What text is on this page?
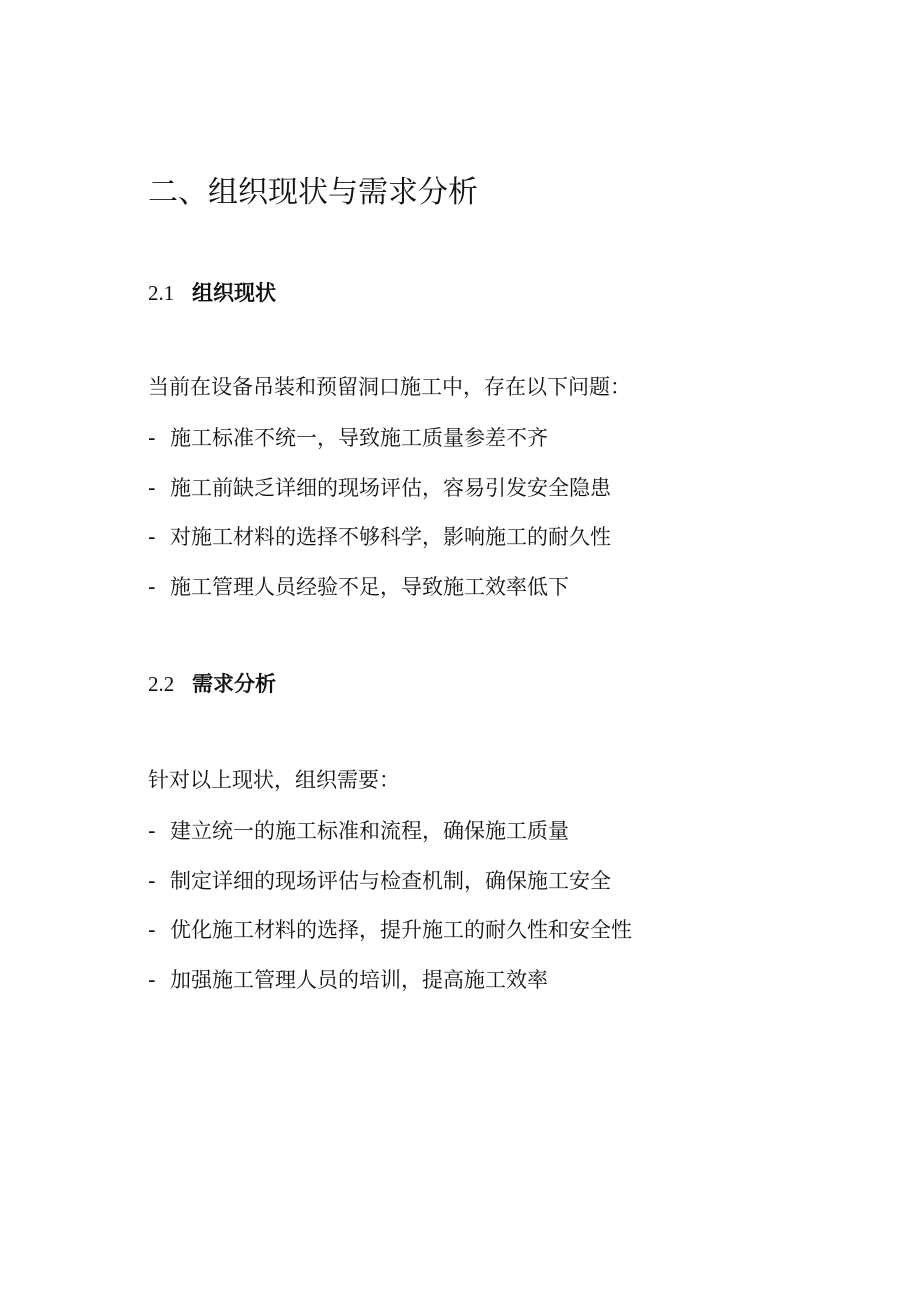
二、组织现状与需求分析
2.1 组织现状

当前在设备吊装和预留洞口施工中，存在以下问题：

- 施工标准不统一，导致施工质量参差不齐

- 施工前缺乏详细的现场评估，容易引发安全隐患

- 对施工材料的选择不够科学，影响施工的耐久性

- 施工管理人员经验不足，导致施工效率低下

2.2 需求分析

针对以上现状，组织需要：

- 建立统一的施工标准和流程，确保施工质量

- 制定详细的现场评估与检查机制，确保施工安全

- 优化施工材料的选择，提升施工的耐久性和安全性

- 加强施工管理人员的培训，提高施工效率
